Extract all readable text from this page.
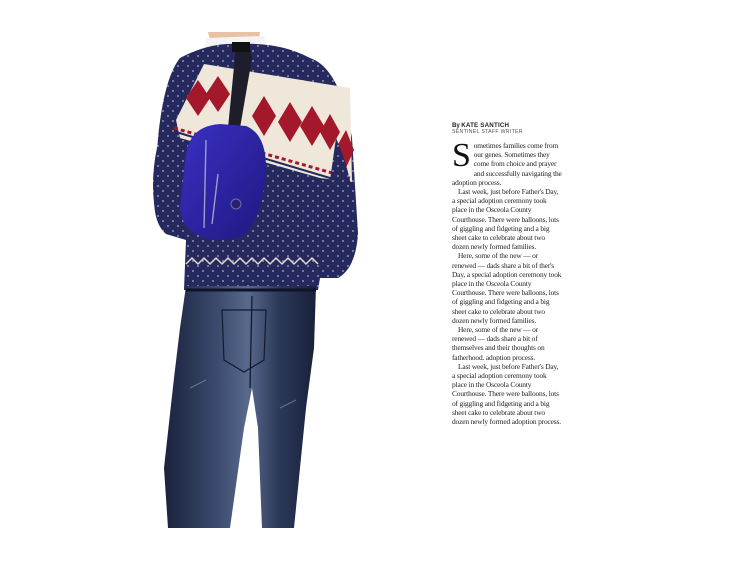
By KATE SANTICH
SENTINEL STAFF WRITER
S ometimes families come from our genes. Sometimes they come from choice and prayer and successfully navigating the adoption process.

Last week, just before Father's Day, a special adoption ceremony took place in the Osceola County Courthouse. There were balloons, lots of giggling and fidgeting and a big sheet cake to celebrate about two dozen newly formed families.

Here, some of the new — or renewed — dads share a bit of ther's Day, a special adoption ceremony took place in the Osceola County Courthouse. There were balloons, lots of giggling and fidgeting and a big sheet cake to celebrate about two dozen newly formed families.

Here, some of the new — or renewed — dads share a bit of themselves and their thoughts on fatherhood. adoption process.

Last week, just before Father's Day, a special adoption ceremony took place in the Osceola County Courthouse. There were balloons, lots of giggling and fidgeting and a big sheet cake to celebrate about two dozen newly formed adoption process.
